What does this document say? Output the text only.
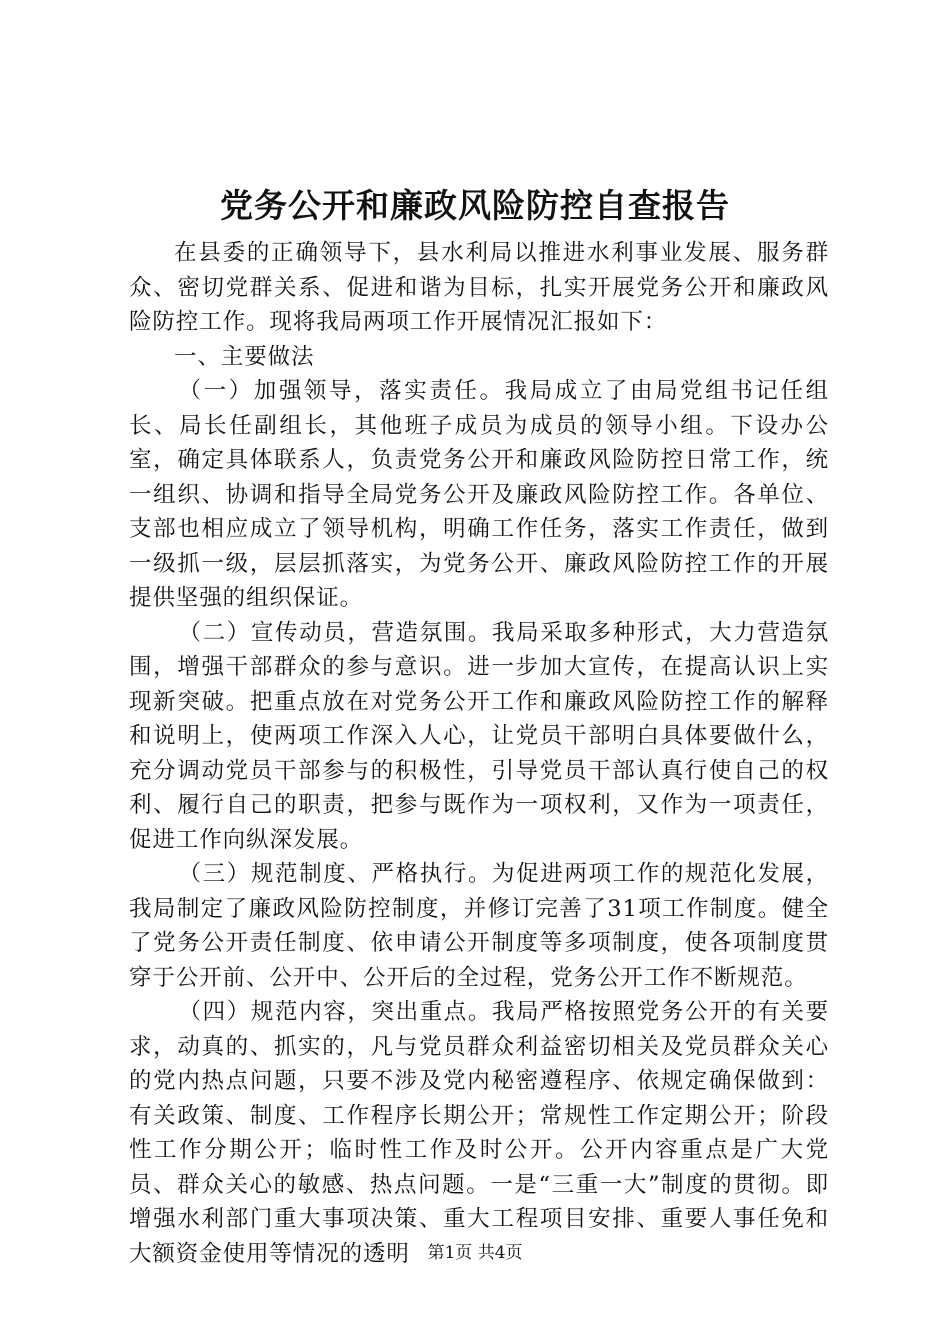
党务公开和廉政风险防控自查报告

在县委的正确领导下，县水利局以推进水利事业发展、服务群众、密切党群关系、促进和谐为目标，扎实开展党务公开和廉政风险防控工作。现将我局两项工作开展情况汇报如下：

一、主要做法

（一）加强领导，落实责任。我局成立了由局党组书记任组长、局长任副组长，其他班子成员为成员的领导小组。下设办公室，确定具体联系人，负责党务公开和廉政风险防控日常工作，统一组织、协调和指导全局党务公开及廉政风险防控工作。各单位、支部也相应成立了领导机构，明确工作任务，落实工作责任，做到一级抓一级，层层抓落实，为党务公开、廉政风险防控工作的开展提供坚强的组织保证。

（二）宣传动员，营造氛围。我局采取多种形式，大力营造氛围，增强干部群众的参与意识。进一步加大宣传，在提高认识上实现新突破。把重点放在对党务公开工作和廉政风险防控工作的解释和说明上，使两项工作深入人心，让党员干部明白具体要做什么，充分调动党员干部参与的积极性，引导党员干部认真行使自己的权利、履行自己的职责，把参与既作为一项权利，又作为一项责任，促进工作向纵深发展。

（三）规范制度、严格执行。为促进两项工作的规范化发展，我局制定了廉政风险防控制度，并修订完善了31项工作制度。健全了党务公开责任制度、依申请公开制度等多项制度，使各项制度贯穿于公开前、公开中、公开后的全过程，党务公开工作不断规范。

（四）规范内容，突出重点。我局严格按照党务公开的有关要求，动真的、抓实的，凡与党员群众利益密切相关及党员群众关心的党内热点问题，只要不涉及党内秘密遵程序、依规定确保做到：有关政策、制度、工作程序长期公开；常规性工作定期公开；阶段性工作分期公开；临时性工作及时公开。公开内容重点是广大党员、群众关心的敏感、热点问题。一是“三重一大”制度的贯彻。即增强水利部门重大事项决策、重大工程项目安排、重要人事任免和大额资金使用等情况的透明	第1页 共4页
